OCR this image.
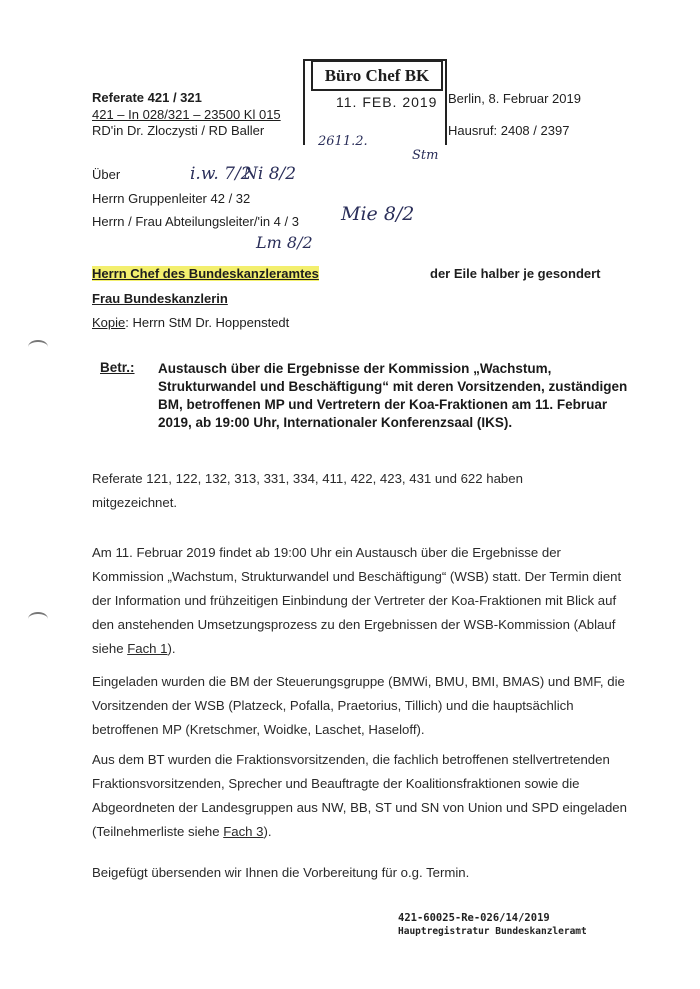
Referate 421 / 321
421 – In 028/321 – 23500 Kl 015
RD'in Dr. Zloczysti / RD Baller
Büro Chef BK
11. FEB. 2019 Berlin, 8. Februar 2019
Hausruf: 2408 / 2397
2611.2.
Stm
i.w. 7/2
Ni 8/2
Mie 8/2
Lm 8/2
Über
Herrn Gruppenleiter 42 / 32
Herrn / Frau Abteilungsleiter/'in 4 / 3
Herrn Chef des Bundeskanzleramtes	der Eile halber je gesondert
Frau Bundeskanzlerin
Kopie: Herrn StM Dr. Hoppenstedt
Betr.: Austausch über die Ergebnisse der Kommission „Wachstum, Strukturwandel und Beschäftigung“ mit deren Vorsitzenden, zuständigen BM, betroffenen MP und Vertretern der Koa-Fraktionen am 11. Februar 2019, ab 19:00 Uhr, Internationaler Konferenzsaal (IKS).
Referate 121, 122, 132, 313, 331, 334, 411, 422, 423, 431 und 622 haben mitgezeichnet.
Am 11. Februar 2019 findet ab 19:00 Uhr ein Austausch über die Ergebnisse der Kommission „Wachstum, Strukturwandel und Beschäftigung“ (WSB) statt. Der Termin dient der Information und frühzeitigen Einbindung der Vertreter der Koa-Fraktionen mit Blick auf den anstehenden Umsetzungsprozess zu den Ergebnissen der WSB-Kommission (Ablauf siehe Fach 1).
Eingeladen wurden die BM der Steuerungsgruppe (BMWi, BMU, BMI, BMAS) und BMF, die Vorsitzenden der WSB (Platzeck, Pofalla, Praetorius, Tillich) und die hauptsächlich betroffenen MP (Kretschmer, Woidke, Laschet, Haseloff).
Aus dem BT wurden die Fraktionsvorsitzenden, die fachlich betroffenen stellvertretenden Fraktionsvorsitzenden, Sprecher und Beauftragte der Koalitionsfraktionen sowie die Abgeordneten der Landesgruppen aus NW, BB, ST und SN von Union und SPD eingeladen (Teilnehmerliste siehe Fach 3).
Beigefügt übersenden wir Ihnen die Vorbereitung für o.g. Termin.
421-60025-Re-026/14/2019
Hauptregistratur Bundeskanzleramt
